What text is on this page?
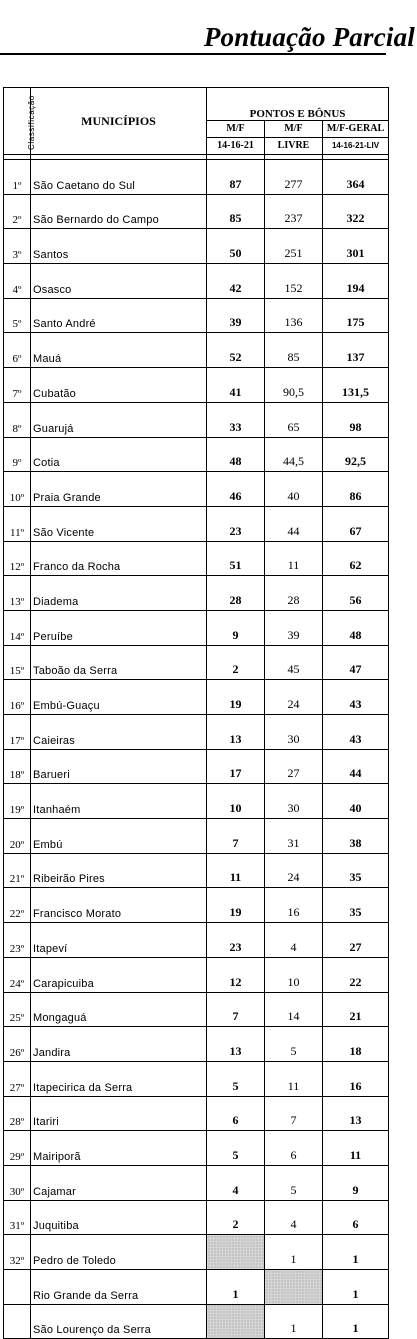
Pontuação Parcial
Classificação	MUNICÍPIOS	PONTOS E BÔNUS		
		M/F	M/F	M/F-GERAL
		14-16-21	LIVRE	14-16-21-LIV

1º	São Caetano do Sul	87	277	364
2º	São Bernardo do Campo	85	237	322
3º	Santos	50	251	301
4º	Osasco	42	152	194
5º	Santo André	39	136	175
6º	Mauá	52	85	137
7º	Cubatão	41	90,5	131,5
8º	Guarujá	33	65	98
9º	Cotia	48	44,5	92,5
10º	Praia Grande	46	40	86
11º	São Vicente	23	44	67
12º	Franco da Rocha	51	11	62
13º	Diadema	28	28	56
14º	Peruíbe	9	39	48
15º	Taboão da Serra	2	45	47
16º	Embú-Guaçu	19	24	43
17º	Caieiras	13	30	43
18º	Barueri	17	27	44
19º	Itanhaém	10	30	40
20º	Embú	7	31	38
21º	Ribeirão Pires	11	24	35
22º	Francisco Morato	19	16	35
23º	Itapeví	23	4	27
24º	Carapicuiba	12	10	22
25º	Mongaguá	7	14	21
26º	Jandira	13	5	18
27º	Itapecirica da Serra	5	11	16
28º	Itariri	6	7	13
29º	Mairiporã	5	6	11
30º	Cajamar	4	5	9
31º	Juquitiba	2	4	6
32º	Pedro de Toledo		1	1
	Rio Grande da Serra	1		1
	São Lourenço da Serra		1	1
